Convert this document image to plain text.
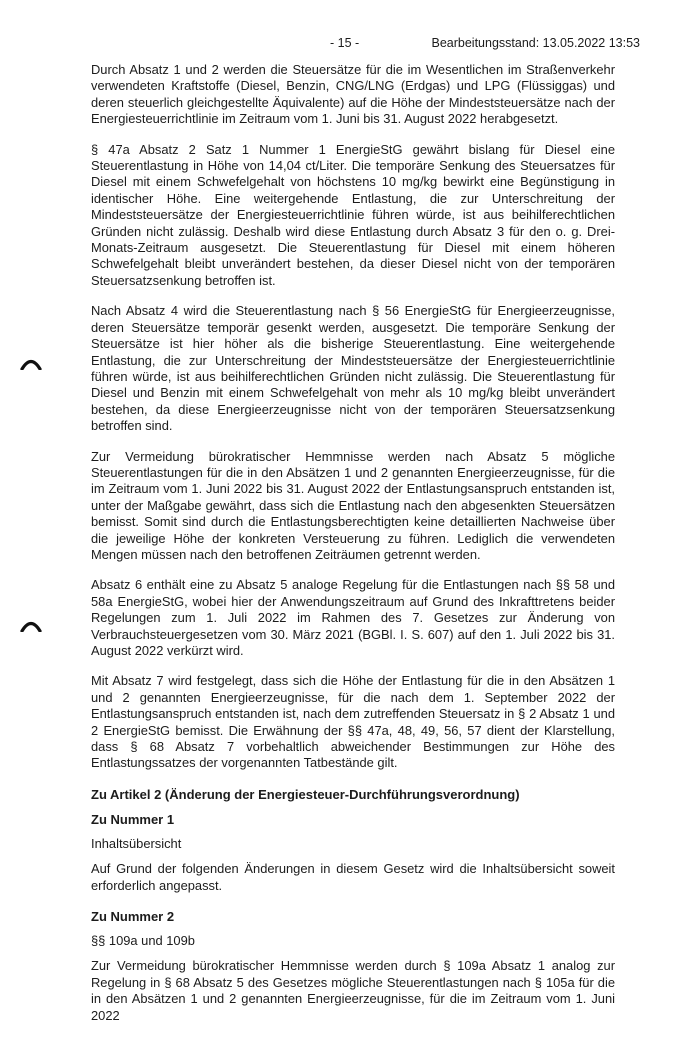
- 15 -	Bearbeitungsstand: 13.05.2022 13:53

Durch Absatz 1 und 2 werden die Steuersätze für die im Wesentlichen im Straßenverkehr verwendeten Kraftstoffe (Diesel, Benzin, CNG/LNG (Erdgas) und LPG (Flüssiggas) und deren steuerlich gleichgestellte Äquivalente) auf die Höhe der Mindeststeuersätze nach der Energiesteuerrichtlinie im Zeitraum vom 1. Juni bis 31. August 2022 herabgesetzt.

§ 47a Absatz 2 Satz 1 Nummer 1 EnergieStG gewährt bislang für Diesel eine Steuerentlastung in Höhe von 14,04 ct/Liter. Die temporäre Senkung des Steuersatzes für Diesel mit einem Schwefelgehalt von höchstens 10 mg/kg bewirkt eine Begünstigung in identischer Höhe. Eine weitergehende Entlastung, die zur Unterschreitung der Mindeststeuersätze der Energiesteuerrichtlinie führen würde, ist aus beihilferechtlichen Gründen nicht zulässig. Deshalb wird diese Entlastung durch Absatz 3 für den o. g. Drei-Monats-Zeitraum ausgesetzt. Die Steuerentlastung für Diesel mit einem höheren Schwefelgehalt bleibt unverändert bestehen, da dieser Diesel nicht von der temporären Steuersatzsenkung betroffen ist.

Nach Absatz 4 wird die Steuerentlastung nach § 56 EnergieStG für Energieerzeugnisse, deren Steuersätze temporär gesenkt werden, ausgesetzt. Die temporäre Senkung der Steuersätze ist hier höher als die bisherige Steuerentlastung. Eine weitergehende Entlastung, die zur Unterschreitung der Mindeststeuersätze der Energiesteuerrichtlinie führen würde, ist aus beihilferechtlichen Gründen nicht zulässig. Die Steuerentlastung für Diesel und Benzin mit einem Schwefelgehalt von mehr als 10 mg/kg bleibt unverändert bestehen, da diese Energieerzeugnisse nicht von der temporären Steuersatzsenkung betroffen sind.

Zur Vermeidung bürokratischer Hemmnisse werden nach Absatz 5 mögliche Steuerentlastungen für die in den Absätzen 1 und 2 genannten Energieerzeugnisse, für die im Zeitraum vom 1. Juni 2022 bis 31. August 2022 der Entlastungsanspruch entstanden ist, unter der Maßgabe gewährt, dass sich die Entlastung nach den abgesenkten Steuersätzen bemisst. Somit sind durch die Entlastungsberechtigten keine detaillierten Nachweise über die jeweilige Höhe der konkreten Versteuerung zu führen. Lediglich die verwendeten Mengen müssen nach den betroffenen Zeiträumen getrennt werden.

Absatz 6 enthält eine zu Absatz 5 analoge Regelung für die Entlastungen nach §§ 58 und 58a EnergieStG, wobei hier der Anwendungszeitraum auf Grund des Inkrafttretens beider Regelungen zum 1. Juli 2022 im Rahmen des 7. Gesetzes zur Änderung von Verbrauchsteuergesetzen vom 30. März 2021 (BGBl. I. S. 607) auf den 1. Juli 2022 bis 31. August 2022 verkürzt wird.

Mit Absatz 7 wird festgelegt, dass sich die Höhe der Entlastung für die in den Absätzen 1 und 2 genannten Energieerzeugnisse, für die nach dem 1. September 2022 der Entlastungsanspruch entstanden ist, nach dem zutreffenden Steuersatz in § 2 Absatz 1 und 2 EnergieStG bemisst. Die Erwähnung der §§ 47a, 48, 49, 56, 57 dient der Klarstellung, dass § 68 Absatz 7 vorbehaltlich abweichender Bestimmungen zur Höhe des Entlastungssatzes der vorgenannten Tatbestände gilt.

Zu Artikel 2 (Änderung der Energiesteuer-Durchführungsverordnung)
Zu Nummer 1

Inhaltsübersicht

Auf Grund der folgenden Änderungen in diesem Gesetz wird die Inhaltsübersicht soweit erforderlich angepasst.

Zu Nummer 2

§§ 109a und 109b

Zur Vermeidung bürokratischer Hemmnisse werden durch § 109a Absatz 1 analog zur Regelung in § 68 Absatz 5 des Gesetzes mögliche Steuerentlastungen nach § 105a für die in den Absätzen 1 und 2 genannten Energieerzeugnisse, für die im Zeitraum vom 1. Juni 2022
